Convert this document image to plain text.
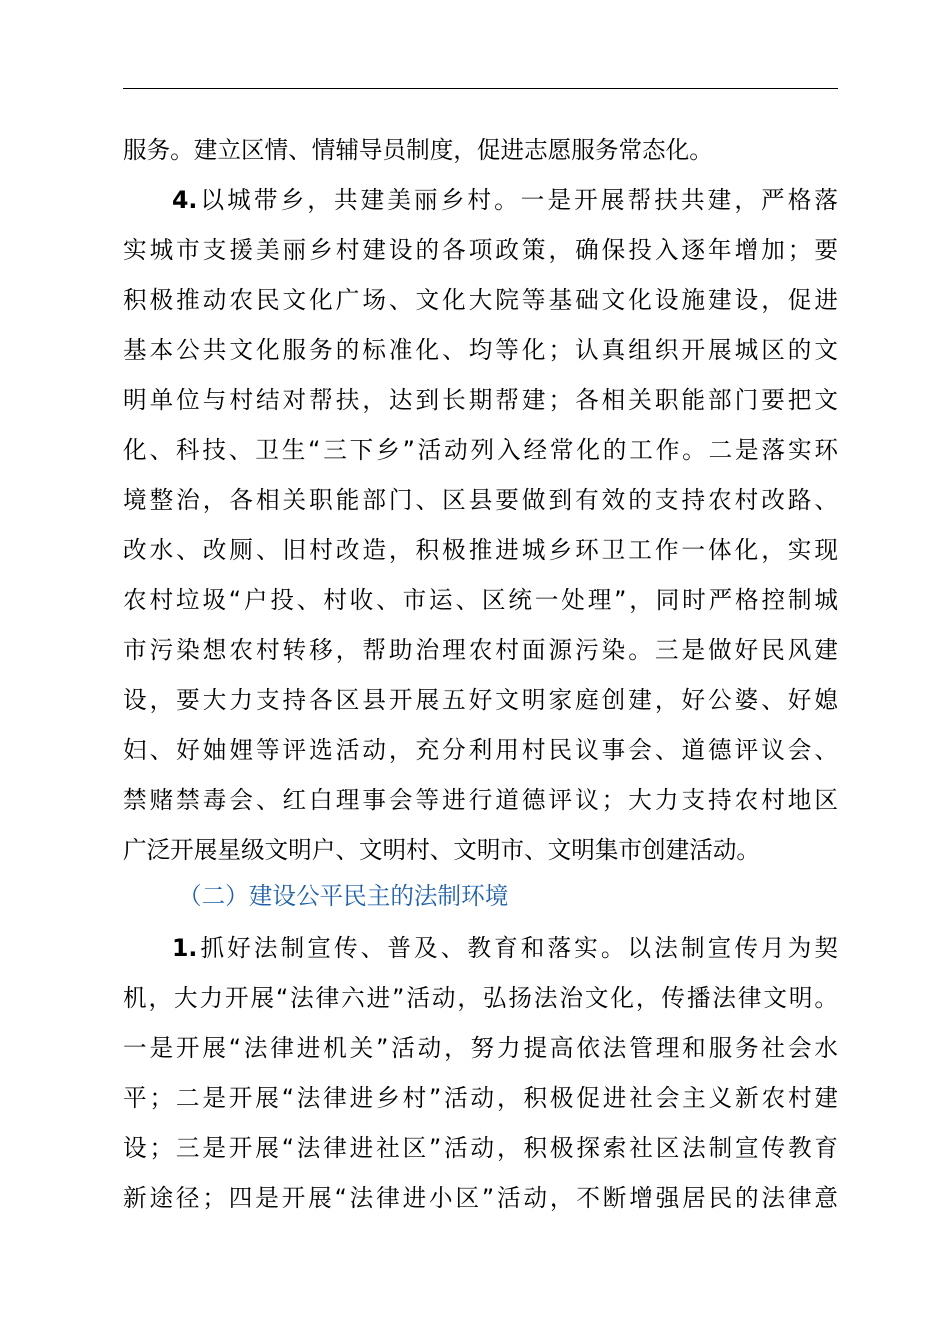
服务。建立区情、情辅导员制度，促进志愿服务常态化。
4.以城带乡，共建美丽乡村。一是开展帮扶共建，严格落
实城市支援美丽乡村建设的各项政策，确保投入逐年增加；要
积极推动农民文化广场、文化大院等基础文化设施建设，促进
基本公共文化服务的标准化、均等化；认真组织开展城区的文
明单位与村结对帮扶，达到长期帮建；各相关职能部门要把文
化、科技、卫生“三下乡”活动列入经常化的工作。二是落实环
境整治，各相关职能部门、区县要做到有效的支持农村改路、
改水、改厕、旧村改造，积极推进城乡环卫工作一体化，实现
农村垃圾“户投、村收、市运、区统一处理”，同时严格控制城
市污染想农村转移，帮助治理农村面源污染。三是做好民风建
设，要大力支持各区县开展五好文明家庭创建，好公婆、好媳
妇、好妯娌等评选活动，充分利用村民议事会、道德评议会、
禁赌禁毒会、红白理事会等进行道德评议；大力支持农村地区
广泛开展星级文明户、文明村、文明市、文明集市创建活动。
（二）建设公平民主的法制环境
1.抓好法制宣传、普及、教育和落实。以法制宣传月为契
机，大力开展“法律六进”活动，弘扬法治文化，传播法律文明。
一是开展“法律进机关”活动，努力提高依法管理和服务社会水
平；二是开展“法律进乡村”活动，积极促进社会主义新农村建
设；三是开展“法律进社区”活动，积极探索社区法制宣传教育
新途径；四是开展“法律进小区”活动，不断增强居民的法律意
